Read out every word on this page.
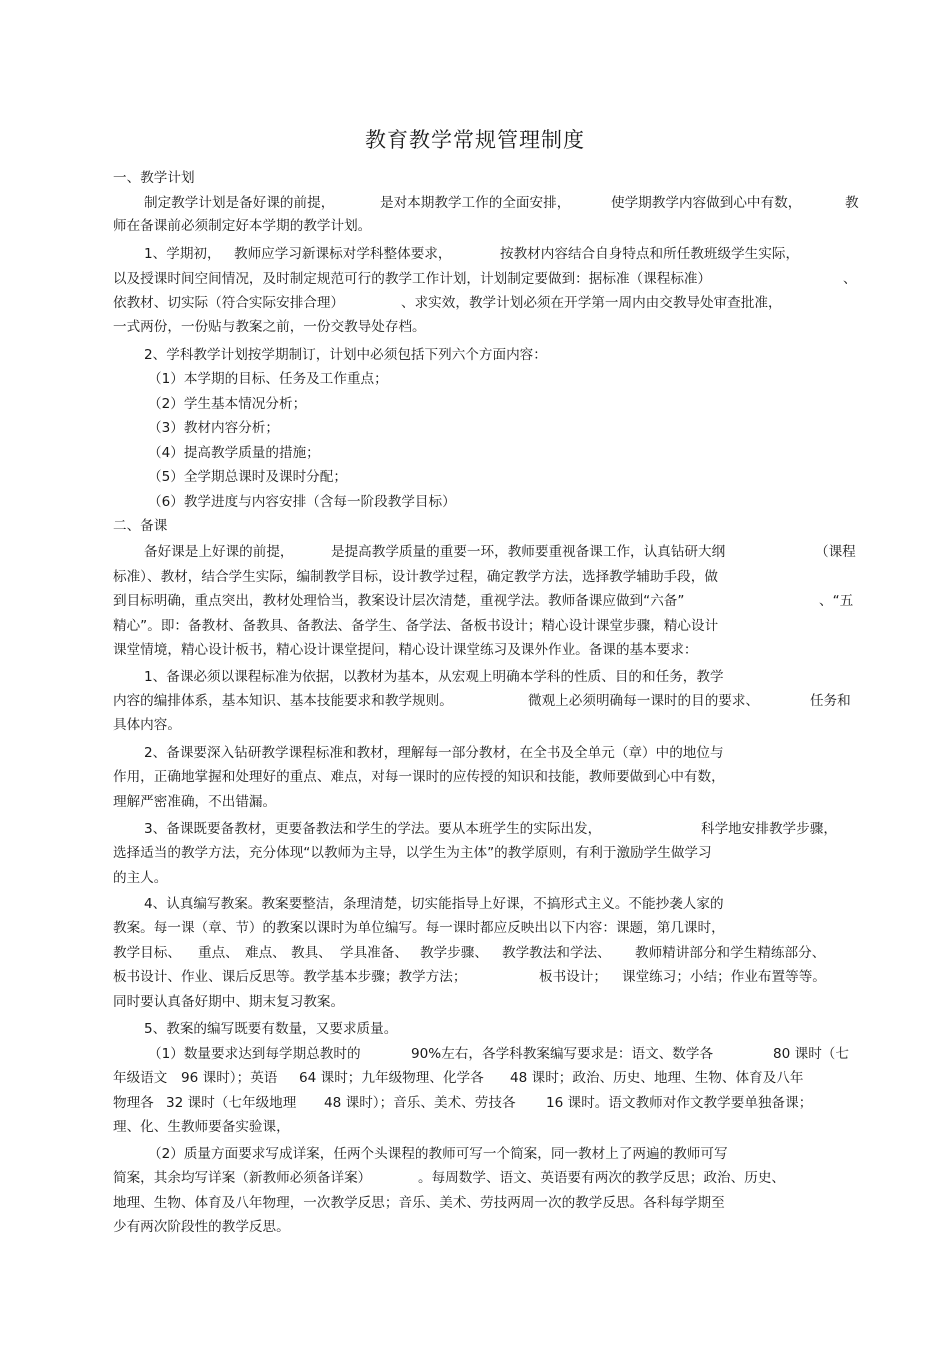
教育教学常规管理制度
一、教学计划
制定教学计划是备好课的前提，	是对本期教学工作的全面安排，	使学期教学内容做到心中有数，	教
师在备课前必须制定好本学期的教学计划。
1、学期初， 教师应学习新课标对学科整体要求，	按教材内容结合自身特点和所任教班级学生实际，
以及授课时间空间情况，及时制定规范可行的教学工作计划，计划制定要做到：据标准（课程标准）	、
依教材、切实际（符合实际安排合理）	、求实效，教学计划必须在开学第一周内由交教导处审查批准，
一式两份，一份贴与教案之前，一份交教导处存档。
2、学科教学计划按学期制订，计划中必须包括下列六个方面内容：
（1）本学期的目标、任务及工作重点；
（2）学生基本情况分析；
（3）教材内容分析；
（4）提高教学质量的措施；
（5）全学期总课时及课时分配；
（6）教学进度与内容安排（含每一阶段教学目标）
二、备课
备好课是上好课的前提，	是提高教学质量的重要一环，教师要重视备课工作，认真钻研大纲	（课程
标准）、教材，结合学生实际，编制教学目标，设计教学过程，确定教学方法，选择教学辅助手段，做
到目标明确，重点突出，教材处理恰当，教案设计层次清楚，重视学法。教师备课应做到“六备”	、“五
精心”。即：备教材、备教具、备教法、备学生、备学法、备板书设计；精心设计课堂步骤，精心设计
课堂情境，精心设计板书，精心设计课堂提问，精心设计课堂练习及课外作业。备课的基本要求：
1、备课必须以课程标准为依据，以教材为基本，从宏观上明确本学科的性质、目的和任务，教学
内容的编排体系，基本知识、基本技能要求和教学规则。	微观上必须明确每一课时的目的要求、	任务和
具体内容。
2、备课要深入钻研教学课程标准和教材，理解每一部分教材，在全书及全单元（章）中的地位与
作用，正确地掌握和处理好的重点、难点，对每一课时的应传授的知识和技能，教师要做到心中有数，
理解严密准确，不出错漏。
3、备课既要备教材，更要备教法和学生的学法。要从本班学生的实际出发，	科学地安排教学步骤，
选择适当的教学方法，充分体现“以教师为主导，以学生为主体”的教学原则，有利于激励学生做学习
的主人。
4、认真编写教案。教案要整洁，条理清楚，切实能指导上好课，不搞形式主义。不能抄袭人家的
教案。每一课（章、节）的教案以课时为单位编写。每一课时都应反映出以下内容：课题，第几课时，
教学目标、 重点、 难点、 教具、 学具准备、 教学步骤、 教学教法和学法、 教师精讲部分和学生精练部分、
板书设计、作业、课后反思等。教学基本步骤；教学方法；	板书设计； 课堂练习；小结；作业布置等等。
同时要认真备好期中、期末复习教案。
5、教案的编写既要有数量，又要求质量。
（1）数量要求达到每学期总教时的	90%左右，各学科教案编写要求是：语文、数学各	80 课时（七
年级语文 96 课时）；英语 64 课时；九年级物理、化学各 48 课时；政治、历史、地理、生物、体育及八年
物理各 32 课时（七年级地理 48 课时）；音乐、美术、劳技各 16 课时。语文教师对作文教学要单独备课；
理、化、生教师要备实验课，
（2）质量方面要求写成详案，任两个头课程的教师可写一个简案，同一教材上了两遍的教师可写
简案，其余均写详案（新教师必须备详案）	。每周数学、语文、英语要有两次的教学反思；政治、历史、
地理、生物、体育及八年物理，一次教学反思；音乐、美术、劳技两周一次的教学反思。各科每学期至
少有两次阶段性的教学反思。
